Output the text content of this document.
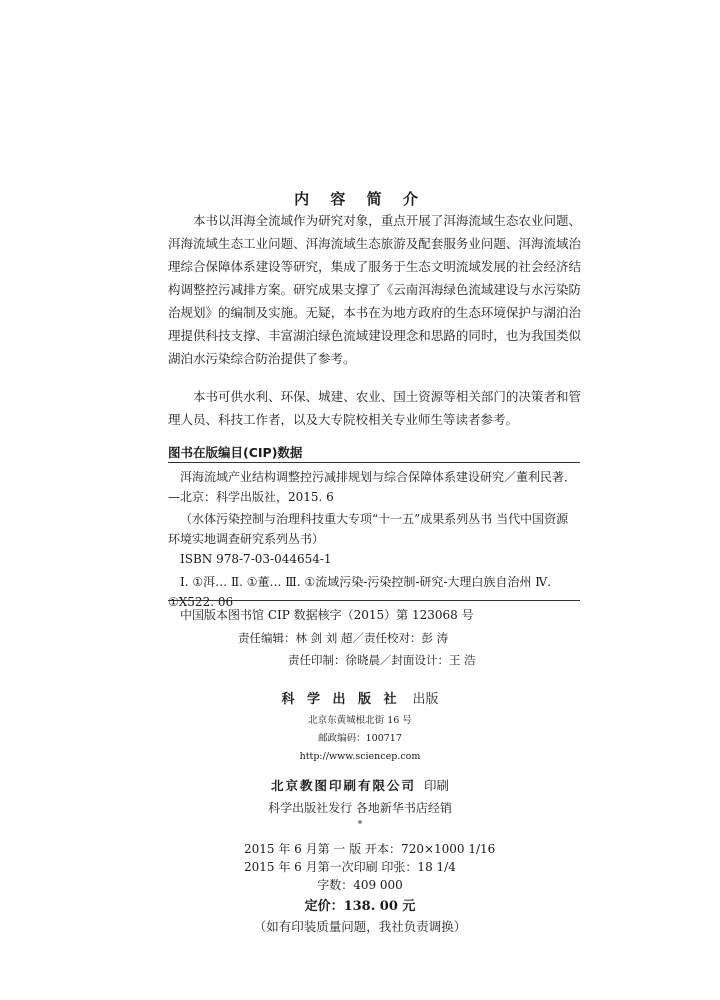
内 容 简 介
本书以洱海全流域作为研究对象，重点开展了洱海流域生态农业问题、洱海流域生态工业问题、洱海流域生态旅游及配套服务业问题、洱海流域治理综合保障体系建设等研究，集成了服务于生态文明流域发展的社会经济结构调整控污减排方案。研究成果支撑了《云南洱海绿色流域建设与水污染防治规划》的编制及实施。无疑，本书在为地方政府的生态环境保护与湖泊治理提供科技支撑、丰富湖泊绿色流域建设理念和思路的同时，也为我国类似湖泊水污染综合防治提供了参考。
本书可供水利、环保、城建、农业、国土资源等相关部门的决策者和管理人员、科技工作者，以及大专院校相关专业师生等读者参考。
图书在版编目(CIP)数据
洱海流域产业结构调整控污减排规划与综合保障体系建设研究／董利民著．—北京：科学出版社，2015. 6
（水体污染控制与治理科技重大专项“十一五”成果系列丛书 当代中国资源环境实地调查研究系列丛书）
ISBN 978-7-03-044654-1
Ⅰ. ①洱… Ⅱ. ①董… Ⅲ. ①流域污染-污染控制-研究-大理白族自治州 Ⅳ. ①X522. 06
中国版本图书馆 CIP 数据核字（2015）第 123068 号
责任编辑：林 剑 刘 超／责任校对：彭 涛
责任印制：徐晓晨／封面设计：王 浩
科 学 出 版 社 出版
北京东黄城根北街 16 号
邮政编码：100717
http://www.sciencep.com
北京教图印刷有限公司 印刷
科学出版社发行 各地新华书店经销
*
2015 年 6 月第 一 版 开本：720×1000 1/16
2015 年 6 月第一次印刷 印张：18 1/4
字数：409 000
定价：138. 00 元
（如有印装质量问题，我社负责调换）
